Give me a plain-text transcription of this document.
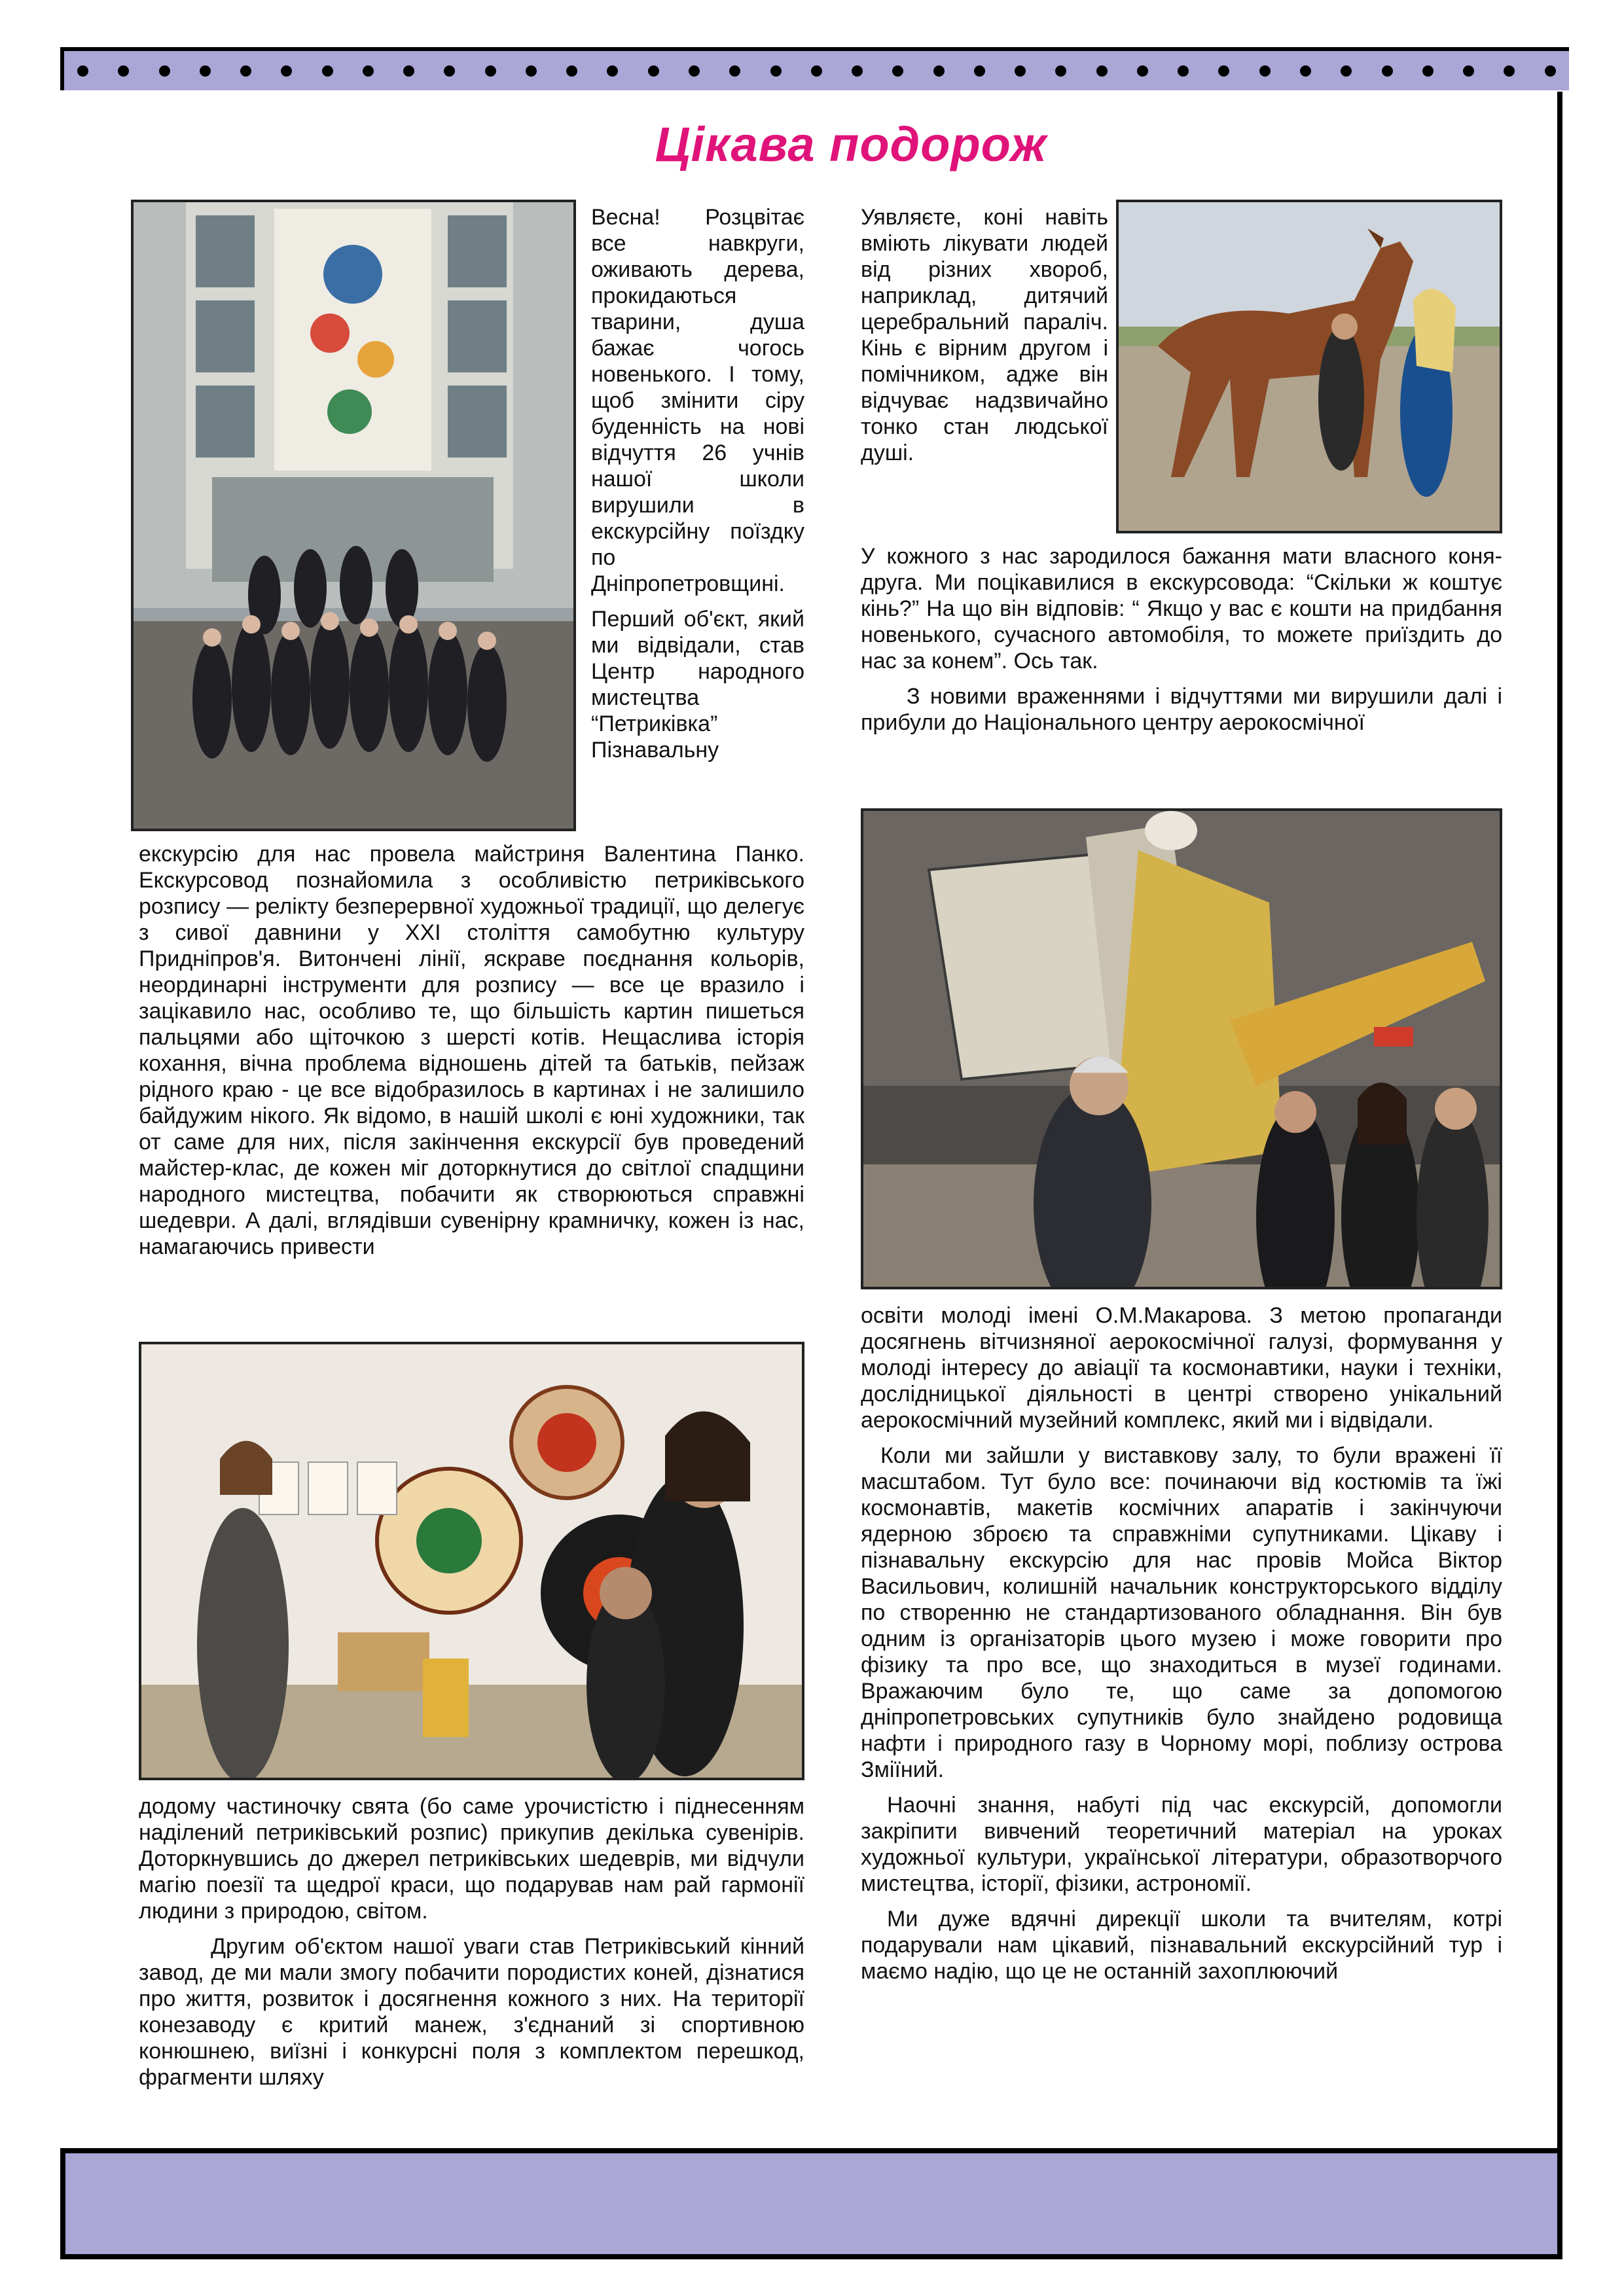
Цікава подорож

Весна! Розцвітає все навкруги, оживають дерева, прокидаються тварини, душа бажає чогось новенького. І тому, щоб змінити сіру буденність на нові відчуття 26 учнів нашої школи вирушили в екскурсійну поїздку по Дніпропетровщині.

Перший об'єкт, який ми відвідали, став Центр народного мистецтва “Петриківка” Пізнавальну

екскурсію для нас провела майстриня Валентина Панко. Екскурсовод познайомила з особливістю петриківського розпису — релікту безперервної художньої традиції, що делегує з сивої давнини у ХХІ століття самобутню культуру Придніпров'я. Витончені лінії, яскраве поєднання кольорів, неординарні інструменти для розпису — все це вразило і зацікавило нас, особливо те, що більшість картин пишеться пальцями або щіточкою з шерсті котів. Нещаслива історія кохання, вічна проблема відношень дітей та батьків, пейзаж рідного краю - це все відобразилось в картинах і не залишило байдужим нікого. Як відомо, в нашій школі є юні художники, так от саме для них, після закінчення екскурсії був проведений майстер-клас, де кожен міг доторкнутися до світлої спадщини народного мистецтва, побачити як створюються справжні шедеври. А далі, вглядівши сувенірну крамничку, кожен із нас, намагаючись привести

додому частиночку свята (бо саме урочистістю і піднесенням наділений петриківський розпис) прикупив декілька сувенірів. Доторкнувшись до джерел петриківських шедеврів, ми відчули магію поезії та щедрої краси, що подарував нам рай гармонії людини з природою, світом.

Другим об'єктом нашої уваги став Петриківський кінний завод, де ми мали змогу побачити породистих коней, дізнатися про життя, розвиток і досягнення кожного з них. На території конезаводу є критий манеж, з'єднаний зі спортивною конюшнею, виїзні і конкурсні поля з комплектом перешкод, фрагменти шляху

Уявляєте, коні навіть вміють лікувати людей від різних хвороб, наприклад, дитячий церебральний параліч. Кінь є вірним другом і помічником, адже він відчуває надзвичайно тонко стан людської душі.

У кожного з нас зародилося бажання мати власного коня-друга. Ми поцікавилися в екскурсовода: “Скільки ж коштує кінь?” На що він відповів: “ Якщо у вас є кошти на придбання новенького, сучасного автомобіля, то можете приїздить до нас за конем”. Ось так.

З новими враженнями і відчуттями ми вирушили далі і прибули до Національного центру аерокосмічної

освіти молоді імені О.М.Макарова. З метою пропаганди досягнень вітчизняної аерокосмічної галузі, формування у молоді інтересу до авіації та космонавтики, науки і техніки, дослідницької діяльності в центрі створено унікальний аерокосмічний музейний комплекс, який ми і відвідали.

Коли ми зайшли у виставкову залу, то були вражені її масштабом. Тут було все: починаючи від костюмів та їжі космонавтів, макетів космічних апаратів і закінчуючи ядерною зброєю та справжніми супутниками. Цікаву і пізнавальну екскурсію для нас провів Мойса Віктор Васильович, колишній начальник конструкторського відділу по створенню не стандартизованого обладнання. Він був одним із організаторів цього музею і може говорити про фізику та про все, що знаходиться в музеї годинами. Вражаючим було те, що саме за допомогою дніпропетровських супутників було знайдено родовища нафти і природного газу в Чорному морі, поблизу острова Зміїний.

Наочні знання, набуті під час екскурсій, допомогли закріпити вивчений теоретичний матеріал на уроках художньої культури, української літератури, образотворчого мистецтва, історії, фізики, астрономії.

Ми дуже вдячні дирекції школи та вчителям, котрі подарували нам цікавий, пізнавальний екскурсійний тур і маємо надію, що це не останній захоплюючий
